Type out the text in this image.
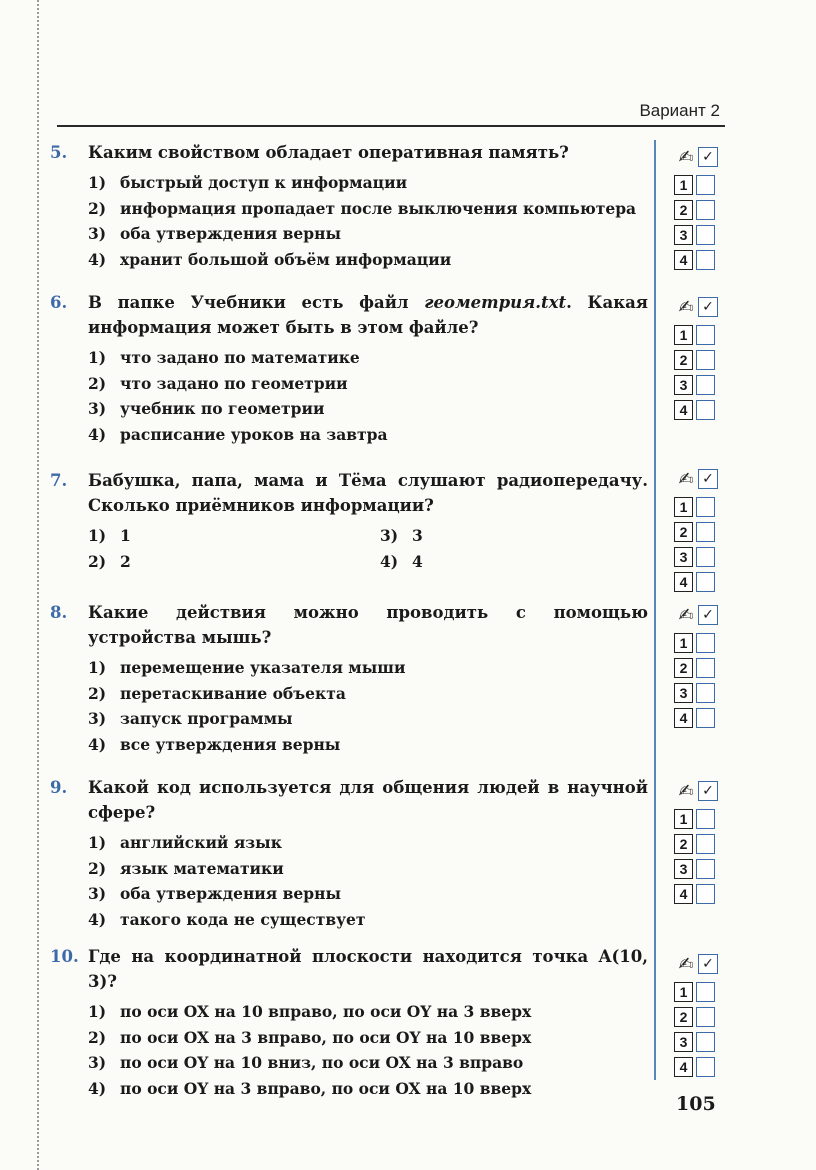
Вариант 2
5.	Каким свойством обладает оперативная память?
1) быстрый доступ к информации
2) информация пропадает после выключения компьютера
3) оба утверждения верны
4) хранит большой объём информации
6.	В папке Учебники есть файл геометрия.txt. Какая информация может быть в этом файле?
1) что задано по математике
2) что задано по геометрии
3) учебник по геометрии
4) расписание уроков на завтра
7.	Бабушка, папа, мама и Тёма слушают радиопередачу. Сколько приёмников информации?
1) 1	3) 3
2) 2	4) 4
8.	Какие действия можно проводить с помощью устройства мышь?
1) перемещение указателя мыши
2) перетаскивание объекта
3) запуск программы
4) все утверждения верны
9.	Какой код используется для общения людей в научной сфере?
1) английский язык
2) язык математики
3) оба утверждения верны
4) такого кода не существует
10. Где на координатной плоскости находится точка A(10, 3)?
1) по оси OX на 10 вправо, по оси OY на 3 вверх
2) по оси OX на 3 вправо, по оси OY на 10 вверх
3) по оси OY на 10 вниз, по оси OX на 3 вправо
4) по оси OY на 3 вправо, по оси OX на 10 вверх
✍ ✓
1
2
3
4
✍ ✓
1
2
3
4
✍ ✓
1
2
3
4
✍ ✓
1
2
3
4
✍ ✓
1
2
3
4
✍ ✓
1
2
3
4
105
